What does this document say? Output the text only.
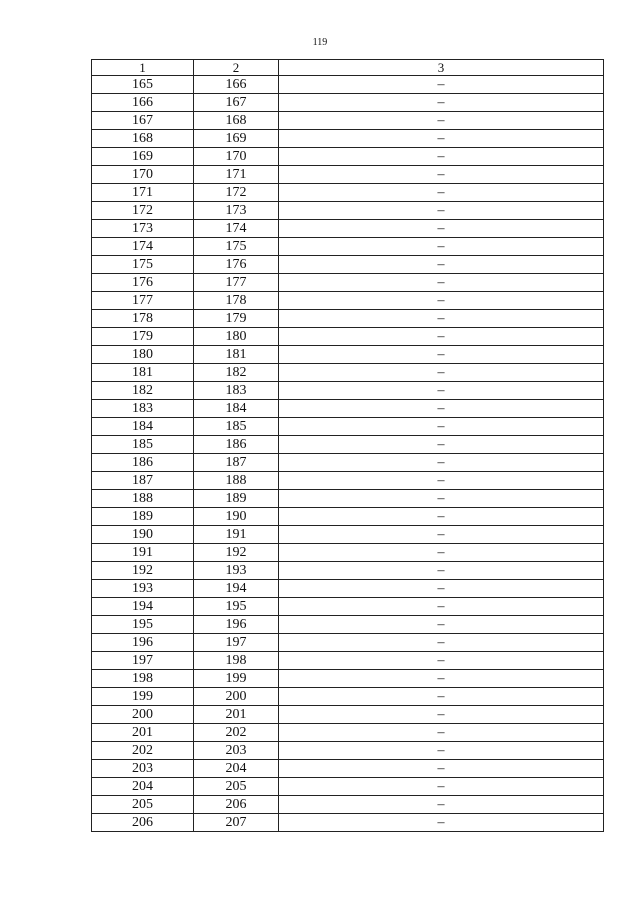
119
1	2	3
165	166	–
166	167	–
167	168	–
168	169	–
169	170	–
170	171	–
171	172	–
172	173	–
173	174	–
174	175	–
175	176	–
176	177	–
177	178	–
178	179	–
179	180	–
180	181	–
181	182	–
182	183	–
183	184	–
184	185	–
185	186	–
186	187	–
187	188	–
188	189	–
189	190	–
190	191	–
191	192	–
192	193	–
193	194	–
194	195	–
195	196	–
196	197	–
197	198	–
198	199	–
199	200	–
200	201	–
201	202	–
202	203	–
203	204	–
204	205	–
205	206	–
206	207	–
